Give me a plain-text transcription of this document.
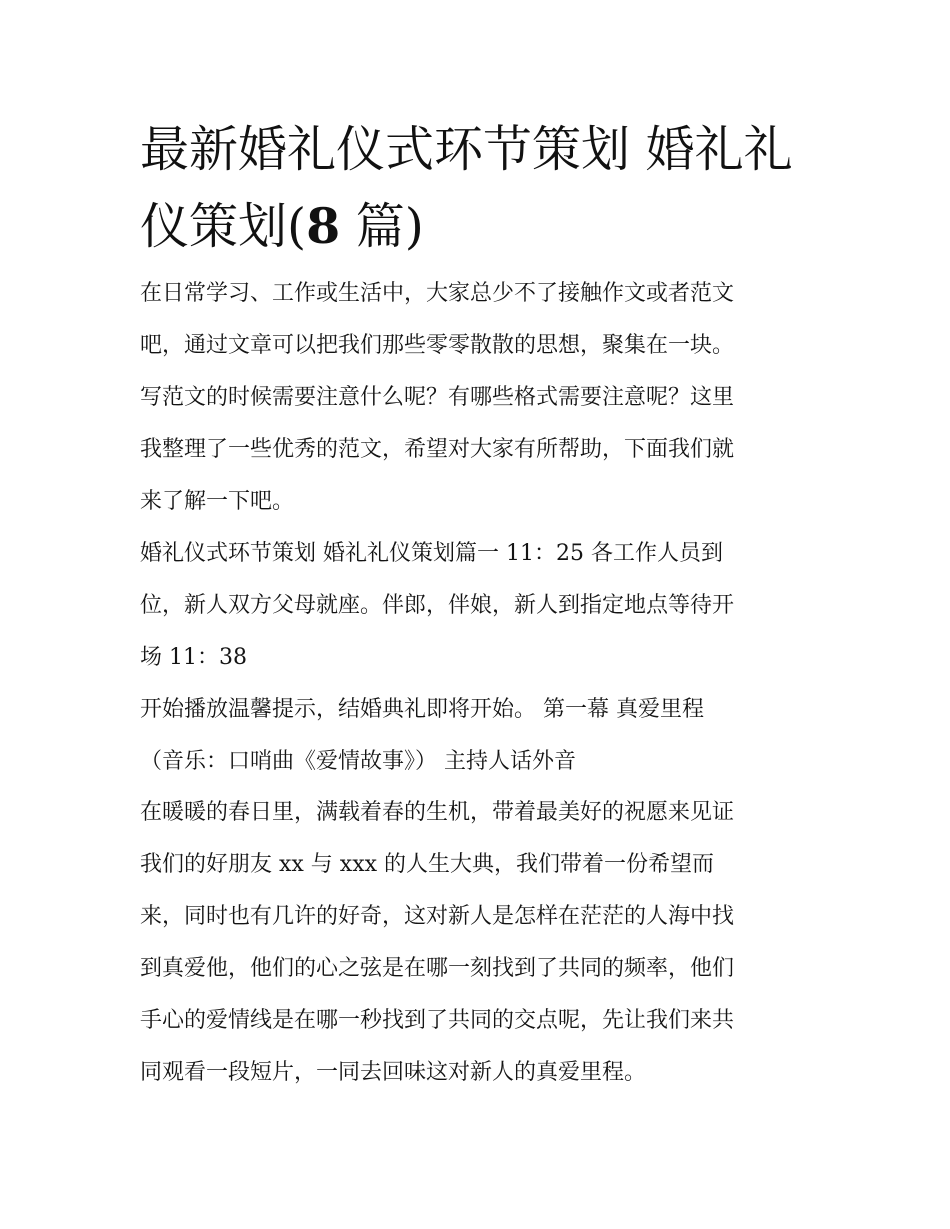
最新婚礼仪式环节策划 婚礼礼
仪策划(8 篇)

在日常学习、工作或生活中，大家总少不了接触作文或者范文

吧，通过文章可以把我们那些零零散散的思想，聚集在一块。

写范文的时候需要注意什么呢？有哪些格式需要注意呢？这里

我整理了一些优秀的范文，希望对大家有所帮助，下面我们就

来了解一下吧。

婚礼仪式环节策划 婚礼礼仪策划篇一 11：25 各工作人员到

位，新人双方父母就座。伴郎，伴娘，新人到指定地点等待开

场 11：38

开始播放温馨提示，结婚典礼即将开始。 第一幕 真爱里程

（音乐：口哨曲《爱情故事》） 主持人话外音

在暖暖的春日里，满载着春的生机，带着最美好的祝愿来见证

我们的好朋友 xx 与 xxx 的人生大典，我们带着一份希望而

来，同时也有几许的好奇，这对新人是怎样在茫茫的人海中找

到真爱他，他们的心之弦是在哪一刻找到了共同的频率，他们

手心的爱情线是在哪一秒找到了共同的交点呢，先让我们来共

同观看一段短片，一同去回味这对新人的真爱里程。
